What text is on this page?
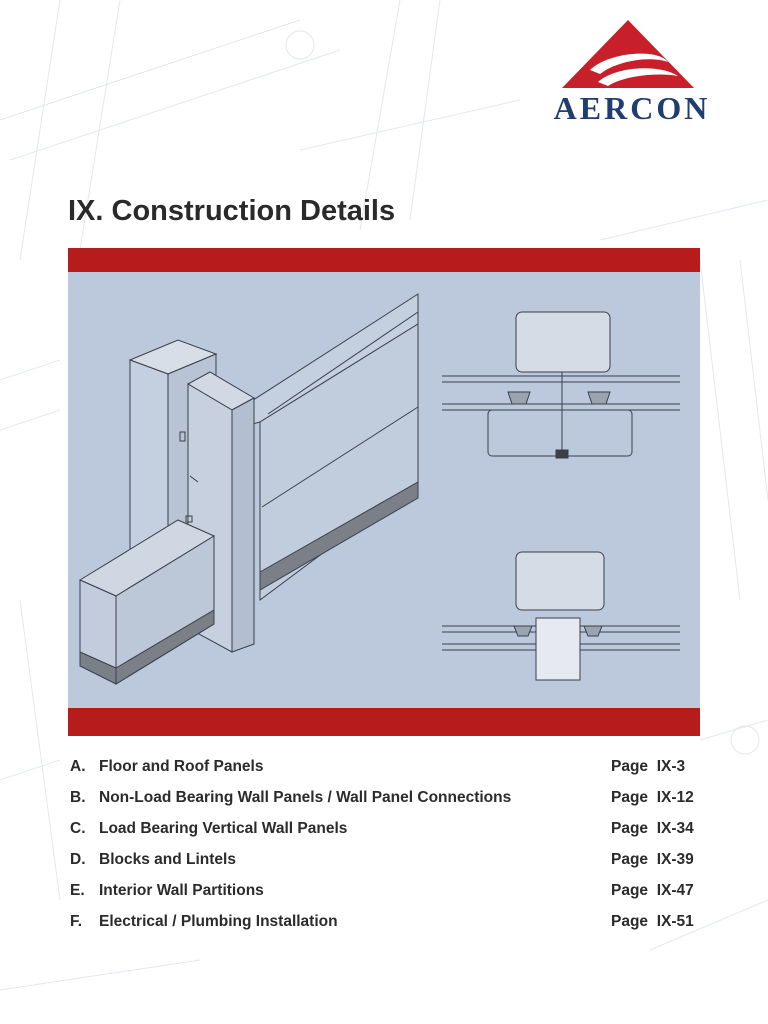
AERCON
IX. Construction Details
A. Floor and Roof Panels	Page IX-3
B. Non-Load Bearing Wall Panels / Wall Panel Connections	Page IX-12
C. Load Bearing Vertical Wall Panels	Page IX-34
D. Blocks and Lintels	Page IX-39
E. Interior Wall Partitions	Page IX-47
F. Electrical / Plumbing Installation	Page IX-51
